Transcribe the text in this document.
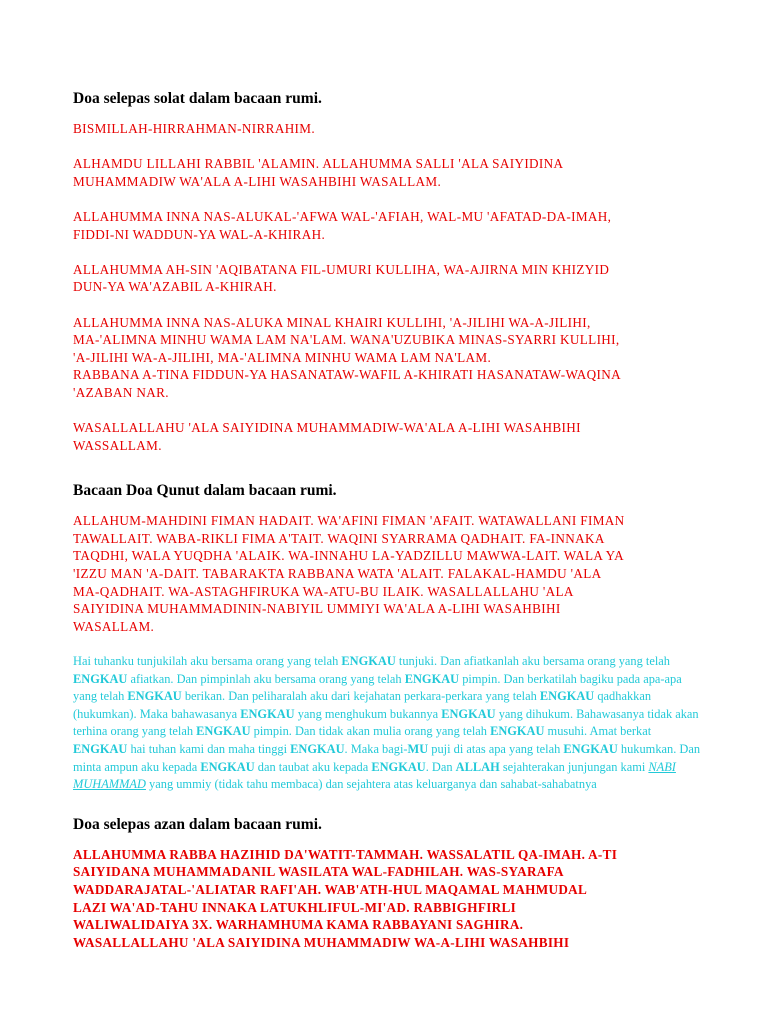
Doa selepas solat dalam bacaan rumi.
BISMILLAH-HIRRAHMAN-NIRRAHIM.
ALHAMDU LILLAHI RABBIL 'ALAMIN. ALLAHUMMA SALLI 'ALA SAIYIDINA
MUHAMMADIW WA'ALA A-LIHI WASAHBIHI WASALLAM.
ALLAHUMMA INNA NAS-ALUKAL-'AFWA WAL-'AFIAH, WAL-MU 'AFATAD-DA-IMAH,
FIDDI-NI WADDUN-YA WAL-A-KHIRAH.
ALLAHUMMA AH-SIN 'AQIBATANA FIL-UMURI KULLIHA, WA-AJIRNA MIN KHIZYID
DUN-YA WA'AZABIL A-KHIRAH.
ALLAHUMMA INNA NAS-ALUKA MINAL KHAIRI KULLIHI, 'A-JILIHI WA-A-JILIHI,
MA-'ALIMNA MINHU WAMA LAM NA'LAM. WANA'UZUBIKA MINAS-SYARRI KULLIHI,
'A-JILIHI WA-A-JILIHI, MA-'ALIMNA MINHU WAMA LAM NA'LAM.
RABBANA A-TINA FIDDUN-YA HASANATAW-WAFIL A-KHIRATI HASANATAW-WAQINA
'AZABAN NAR.
WASALLALLAHU 'ALA SAIYIDINA MUHAMMADIW-WA'ALA A-LIHI WASAHBIHI
WASSALLAM.
Bacaan Doa Qunut dalam bacaan rumi.
ALLAHUM-MAHDINI FIMAN HADAIT. WA'AFINI FIMAN 'AFAIT. WATAWALLANI FIMAN
TAWALLAIT. WABA-RIKLI FIMA A'TAIT. WAQINI SYARRAMA QADHAIT. FA-INNAKA
TAQDHI, WALA YUQDHA 'ALAIK. WA-INNAHU LA-YADZILLU MAWWA-LAIT. WALA YA
'IZZU MAN 'A-DAIT. TABARAKTA RABBANA WATA 'ALAIT. FALAKAL-HAMDU 'ALA
MA-QADHAIT. WA-ASTAGHFIRUKA WA-ATU-BU ILAIK. WASALLALLAHU 'ALA
SAIYIDINA MUHAMMADININ-NABIYIL UMMIYI WA'ALA A-LIHI WASAHBIHI
WASALLAM.
Hai tuhanku tunjukilah aku bersama orang yang telah ENGKAU tunjuki. Dan afiatkanlah aku bersama orang yang telah ENGKAU afiatkan. Dan pimpinlah aku bersama orang yang telah ENGKAU pimpin. Dan berkatilah bagiku pada apa-apa yang telah ENGKAU berikan. Dan peliharalah aku dari kejahatan perkara-perkara yang telah ENGKAU qadhakkan (hukumkan). Maka bahawasanya ENGKAU yang menghukum bukannya ENGKAU yang dihukum. Bahawasanya tidak akan terhina orang yang telah ENGKAU pimpin. Dan tidak akan mulia orang yang telah ENGKAU musuhi. Amat berkat ENGKAU hai tuhan kami dan maha tinggi ENGKAU. Maka bagi-MU puji di atas apa yang telah ENGKAU hukumkan. Dan minta ampun aku kepada ENGKAU dan taubat aku kepada ENGKAU. Dan ALLAH sejahterakan junjungan kami NABI MUHAMMAD yang ummiy (tidak tahu membaca) dan sejahtera atas keluarganya dan sahabat-sahabatnya
Doa selepas azan dalam bacaan rumi.
ALLAHUMMA RABBA HAZIHID DA'WATIT-TAMMAH. WASSALATIL QA-IMAH. A-TI
SAIYIDANA MUHAMMADANIL WASILATA WAL-FADHILAH. WAS-SYARAFA
WADDARAJATAL-'ALIATAR RAFI'AH. WAB'ATH-HUL MAQAMAL MAHMUDAL
LAZI WA'AD-TAHU INNAKA LATUKHLIFUL-MI'AD. RABBIGHFIRLI
WALIWALIDAIYA 3X. WARHAMHUMA KAMA RABBAYANI SAGHIRA.
WASALLALLAHU 'ALA SAIYIDINA MUHAMMADIW WA-A-LIHI WASAHBIHI
